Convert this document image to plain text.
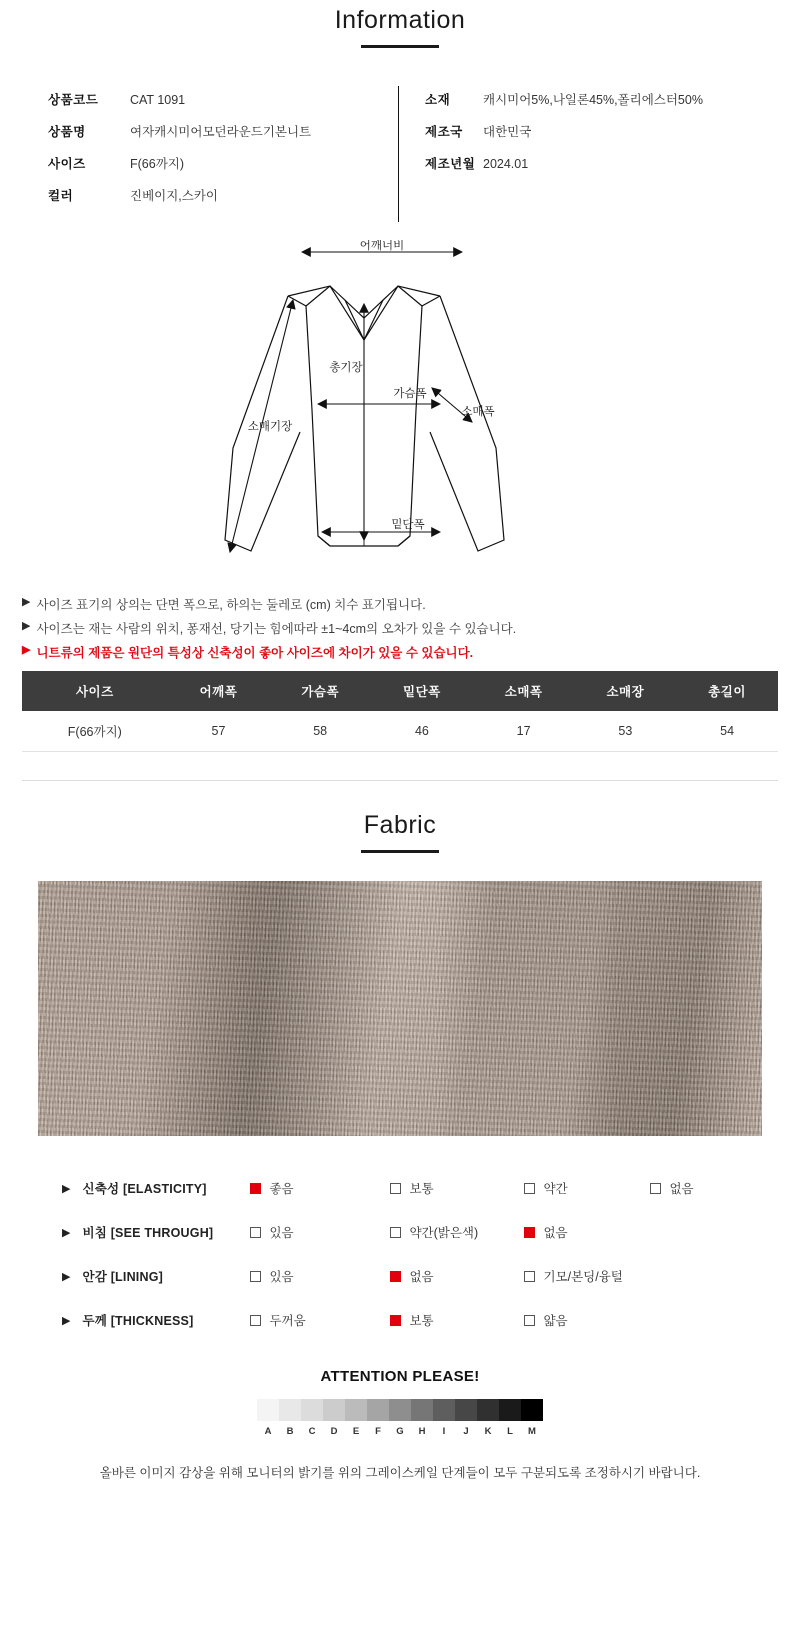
Information
상품코드	CAT 1091
상품명	여자캐시미어모던라운드기본니트
사이즈	F(66까지)
컬러	진베이지,스카이
소재	캐시미어5%,나일론45%,폴리에스터50%
제조국	대한민국
제조년월 2024.01
어깨너비
가슴폭
밑단폭
총기장
소매기장
소매폭
▶ 사이즈 표기의 상의는 단면 폭으로, 하의는 둘레로 (cm) 치수 표기됩니다.
▶ 사이즈는 재는 사람의 위치, 퐁재선, 당기는 힘에따라 ±1~4cm의 오차가 있을 수 있습니다.
▶ 니트류의 제품은 원단의 특성상 신축성이 좋아 사이즈에 차이가 있을 수 있습니다.
사이즈	어깨폭	가슴폭	밑단폭	소매폭	소매장	총길이
F(66까지)	57	58	46	17	53	54
Fabric
▶ 신축성 [ELASTICITY]	좋음	보통	약간	없음
▶ 비침 [SEE THROUGH]	있음	약간(밝은색)	없음
▶ 안감 [LINING]	있음	없음	기모/본딩/융털
▶ 두께 [THICKNESS]	두꺼움	보통	얇음
ATTENTION PLEASE!
A	B	C	D	E	F	G	H	I	J	K	L	M

올바른 이미지 감상을 위해 모니터의 밝기를 위의 그레이스케일 단계들이 모두 구분되도록 조정하시기 바랍니다.
